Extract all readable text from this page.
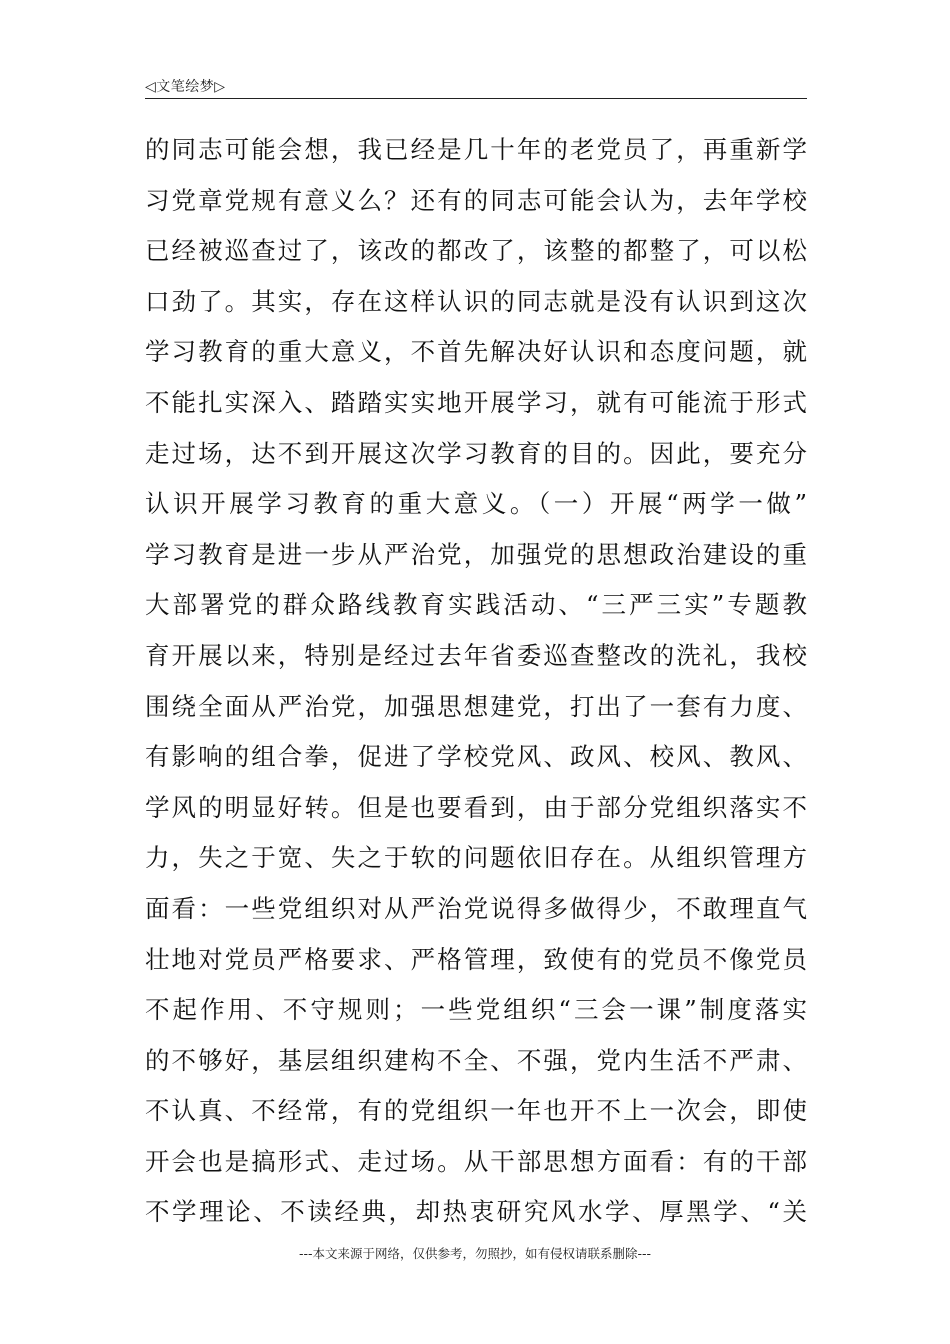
◁文笔绘梦▷
的同志可能会想，我已经是几十年的老党员了，再重新学
习党章党规有意义么？还有的同志可能会认为，去年学校
已经被巡查过了，该改的都改了，该整的都整了，可以松
口劲了。其实，存在这样认识的同志就是没有认识到这次
学习教育的重大意义，不首先解决好认识和态度问题，就
不能扎实深入、踏踏实实地开展学习，就有可能流于形式
走过场，达不到开展这次学习教育的目的。因此，要充分
认识开展学习教育的重大意义。（一）开展“两学一做”
学习教育是进一步从严治党，加强党的思想政治建设的重
大部署党的群众路线教育实践活动、“三严三实”专题教
育开展以来，特别是经过去年省委巡查整改的洗礼，我校
围绕全面从严治党，加强思想建党，打出了一套有力度、
有影响的组合拳，促进了学校党风、政风、校风、教风、
学风的明显好转。但是也要看到，由于部分党组织落实不
力，失之于宽、失之于软的问题依旧存在。从组织管理方
面看：一些党组织对从严治党说得多做得少，不敢理直气
壮地对党员严格要求、严格管理，致使有的党员不像党员
不起作用、不守规则；一些党组织“三会一课”制度落实
的不够好，基层组织建构不全、不强，党内生活不严肃、
不认真、不经常，有的党组织一年也开不上一次会，即使
开会也是搞形式、走过场。从干部思想方面看：有的干部
不学理论、不读经典，却热衷研究风水学、厚黑学、“关
---本文来源于网络，仅供参考，勿照抄，如有侵权请联系删除---
